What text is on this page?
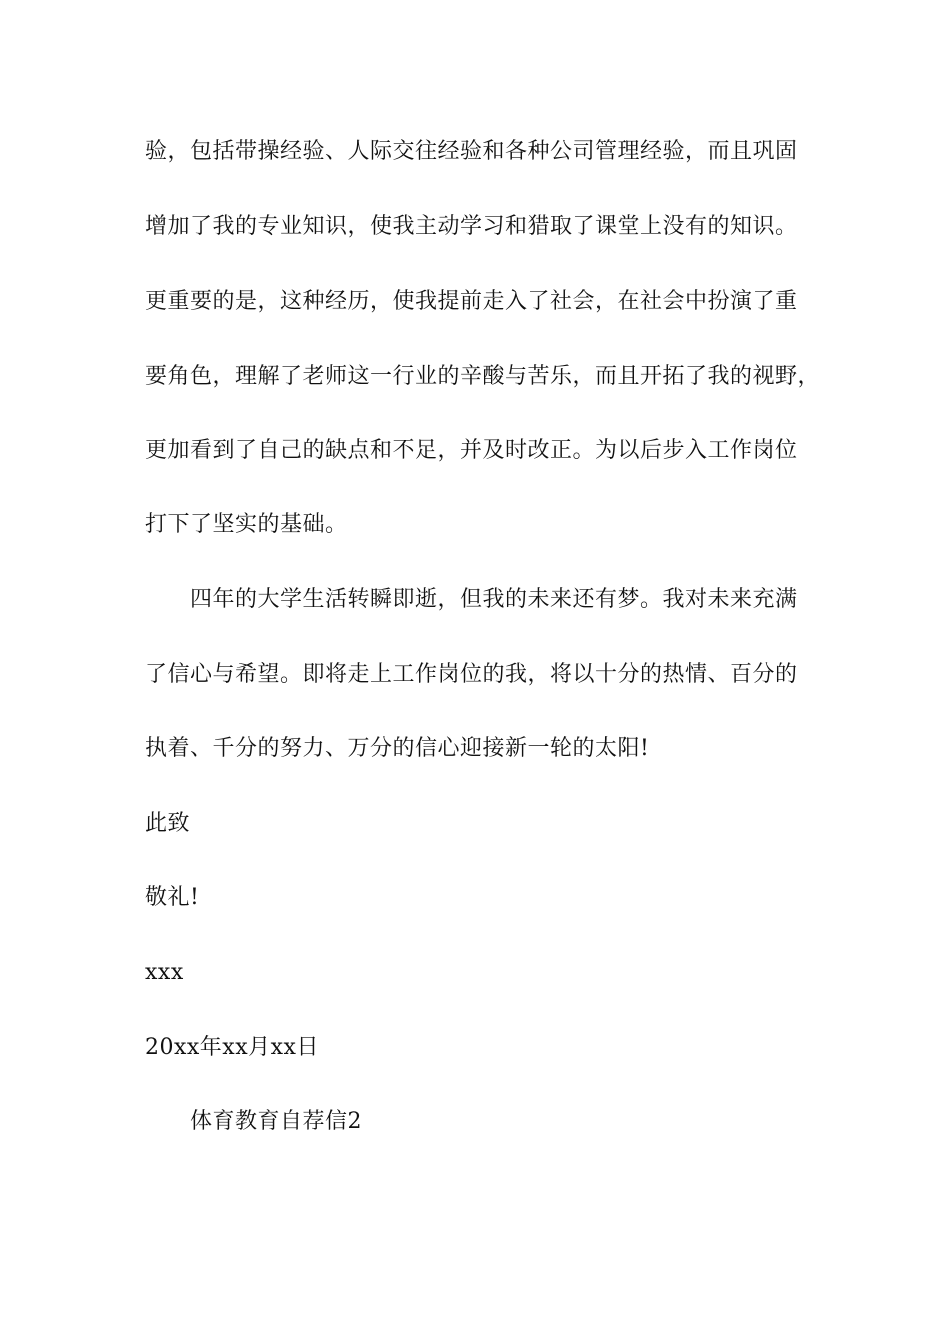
验，包括带操经验、人际交往经验和各种公司管理经验，而且巩固
增加了我的专业知识，使我主动学习和猎取了课堂上没有的知识。
更重要的是，这种经历，使我提前走入了社会，在社会中扮演了重
要角色，理解了老师这一行业的辛酸与苦乐，而且开拓了我的视野，
更加看到了自己的缺点和不足，并及时改正。为以后步入工作岗位
打下了坚实的基础。
四年的大学生活转瞬即逝，但我的未来还有梦。我对未来充满
了信心与希望。即将走上工作岗位的我，将以十分的热情、百分的
执着、千分的努力、万分的信心迎接新一轮的太阳!
此致
敬礼!
xxx
20xx年xx月xx日
体育教育自荐信2
